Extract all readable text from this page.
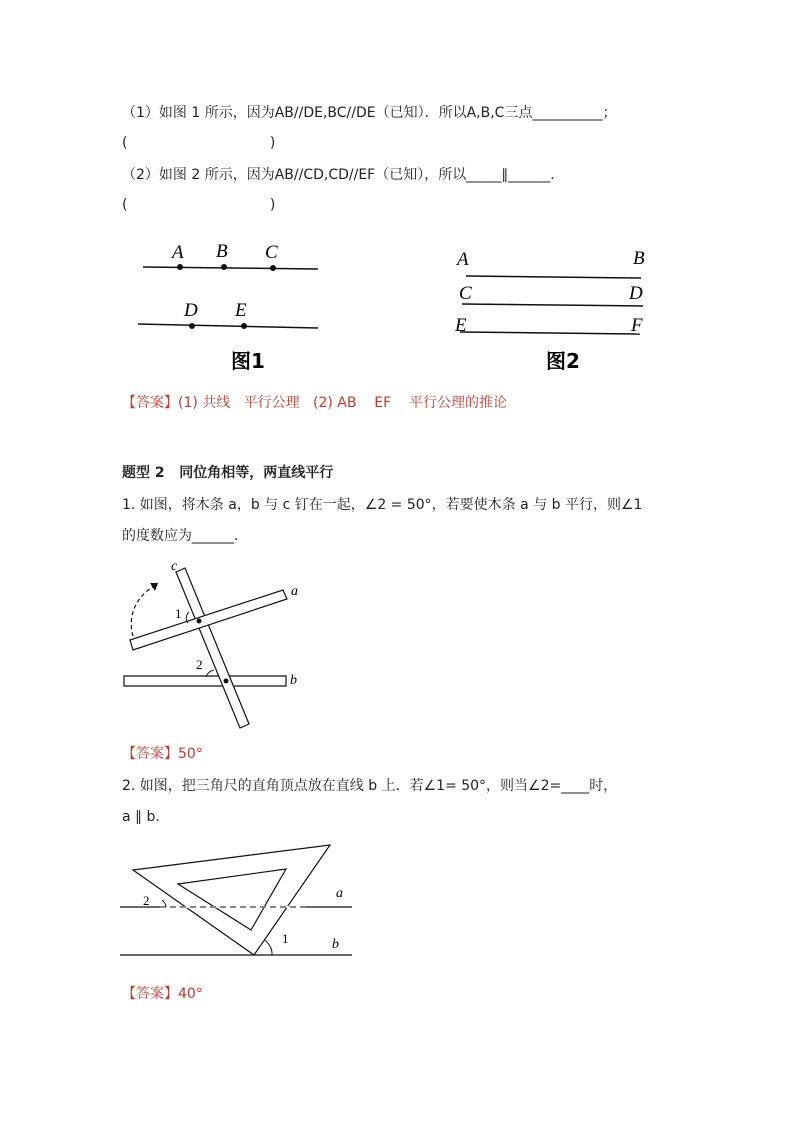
（1）如图 1 所示，因为AB//DE,BC//DE（已知）．所以A,B,C三点__________；
(                                )
（2）如图 2 所示，因为AB//CD,CD//EF（已知），所以_____∥______．
(                                )
A B C
D E
图1
A	B
C	D
E	F
图2
【答案】(1) 共线   平行公理   (2) AB    EF    平行公理的推论
题型 2   同位角相等，两直线平行
1. 如图，将木条 a，b 与 c 钉在一起，∠2 = 50°，若要使木条 a 与 b 平行，则∠1
的度数应为______．
c
a
b
1
2
【答案】50°
2. 如图，把三角尺的直角顶点放在直线 b 上．若∠1= 50°，则当∠2=____时，
a ∥ b.
a
b
2
1
【答案】40°
